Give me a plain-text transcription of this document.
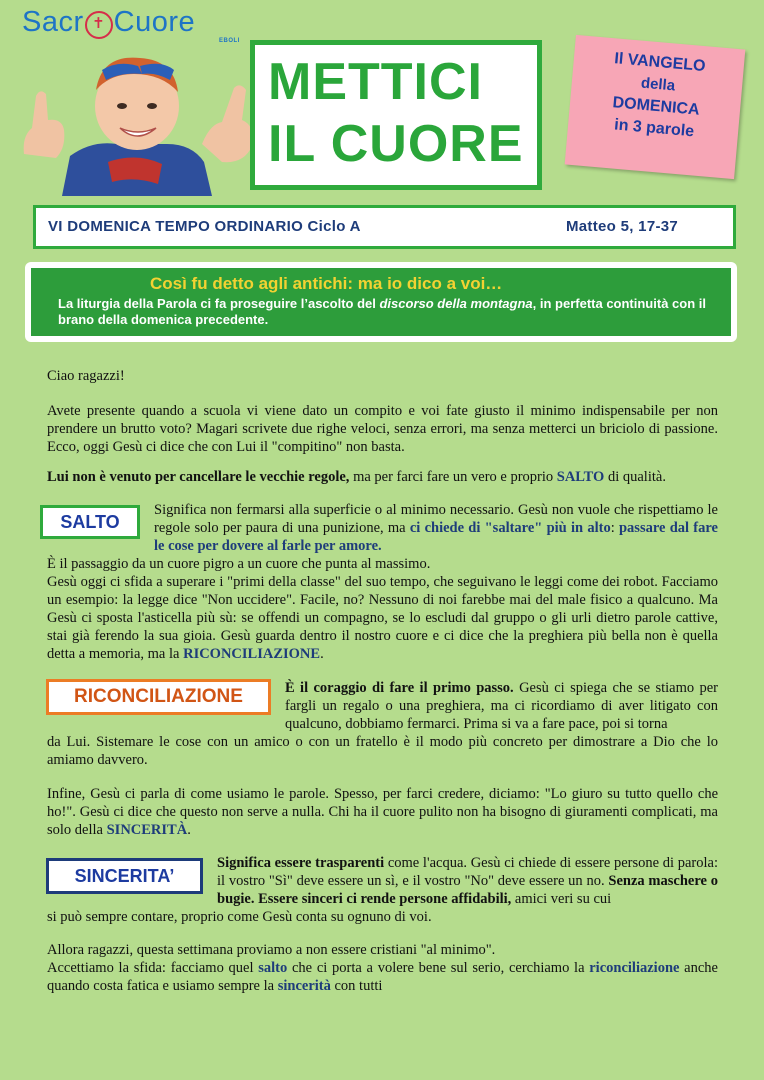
Sacr ✝ Cuore
EBOLI
METTICI
IL CUORE
Il VANGELO
della
DOMENICA
in 3 parole
VI DOMENICA TEMPO ORDINARIO Ciclo A	Matteo 5, 17-37
Così fu detto agli antichi: ma io dico a voi…
La liturgia della Parola ci fa proseguire l’ascolto del discorso della montagna, in perfetta continuità con il brano della domenica precedente.
Ciao ragazzi!
Avete presente quando a scuola vi viene dato un compito e voi fate giusto il minimo indispensabile per non prendere un brutto voto? Magari scrivete due righe veloci, senza errori, ma senza metterci un briciolo di passione. Ecco, oggi Gesù ci dice che con Lui il "compitino" non basta.
Lui non è venuto per cancellare le vecchie regole, ma per farci fare un vero e proprio SALTO di qualità.
SALTO
Significa non fermarsi alla superficie o al minimo necessario. Gesù non vuole che rispettiamo le regole solo per paura di una punizione, ma ci chiede di "saltare" più in alto: passare dal fare le cose per dovere al farle per amore.
È il passaggio da un cuore pigro a un cuore che punta al massimo.
Gesù oggi ci sfida a superare i "primi della classe" del suo tempo, che seguivano le leggi come dei robot. Facciamo un esempio: la legge dice "Non uccidere". Facile, no? Nessuno di noi farebbe mai del male fisico a qualcuno. Ma Gesù ci sposta l'asticella più sù: se offendi un compagno, se lo escludi dal gruppo o gli urli dietro parole cattive, stai già ferendo la sua gioia. Gesù guarda dentro il nostro cuore e ci dice che la preghiera più bella non è quella detta a memoria, ma la RICONCILIAZIONE.
RICONCILIAZIONE	È il coraggio di fare il primo passo. Gesù ci spiega che se stiamo per fargli un regalo o una preghiera, ma ci ricordiamo di aver litigato con qualcuno, dobbiamo fermarci. Prima si va a fare pace, poi si torna
da Lui. Sistemare le cose con un amico o con un fratello è il modo più concreto per dimostrare a Dio che lo amiamo davvero.
Infine, Gesù ci parla di come usiamo le parole. Spesso, per farci credere, diciamo: "Lo giuro su tutto quello che ho!". Gesù ci dice che questo non serve a nulla. Chi ha il cuore pulito non ha bisogno di giuramenti complicati, ma solo della SINCERITÀ.
SINCERITA’
Significa essere trasparenti come l'acqua. Gesù ci chiede di essere persone di parola: il vostro "Sì" deve essere un sì, e il vostro "No" deve essere un no. Senza maschere o bugie. Essere sinceri ci rende persone affidabili, amici veri su cui
si può sempre contare, proprio come Gesù conta su ognuno di voi.
Allora ragazzi, questa settimana proviamo a non essere cristiani "al minimo".
Accettiamo la sfida: facciamo quel salto che ci porta a volere bene sul serio, cerchiamo la riconciliazione anche quando costa fatica e usiamo sempre la sincerità con tutti
